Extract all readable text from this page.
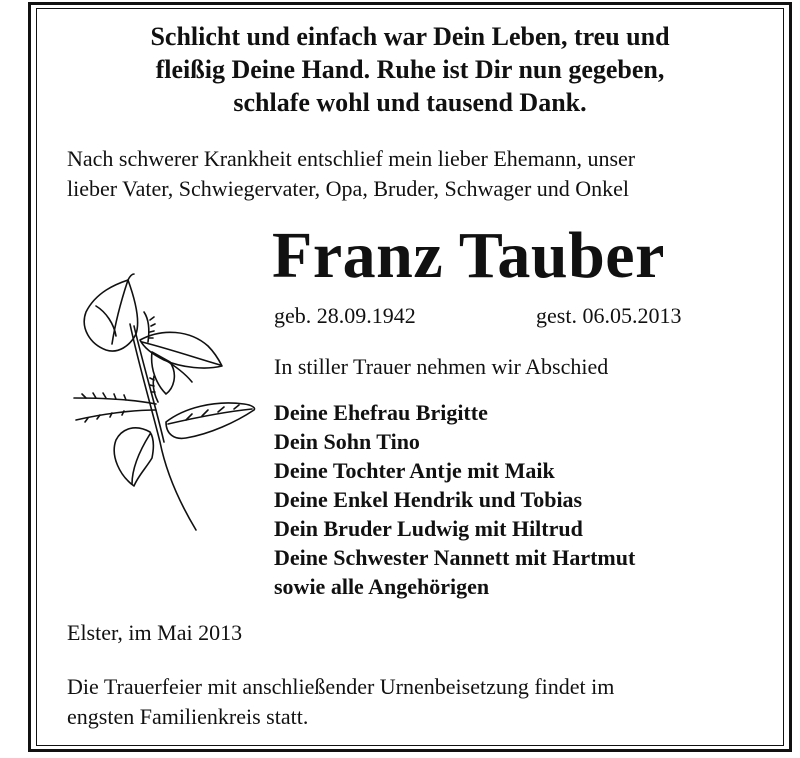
Schlicht und einfach war Dein Leben, treu und
fleißig Deine Hand. Ruhe ist Dir nun gegeben,
schlafe wohl und tausend Dank.
Nach schwerer Krankheit entschlief mein lieber Ehemann, unser
lieber Vater, Schwiegervater, Opa, Bruder, Schwager und Onkel
Franz Tauber
geb. 28.09.1942	gest. 06.05.2013
In stiller Trauer nehmen wir Abschied
Deine Ehefrau Brigitte
Dein Sohn Tino
Deine Tochter Antje mit Maik
Deine Enkel Hendrik und Tobias
Dein Bruder Ludwig mit Hiltrud
Deine Schwester Nannett mit Hartmut
sowie alle Angehörigen
Elster, im Mai 2013
Die Trauerfeier mit anschließender Urnenbeisetzung findet im
engsten Familienkreis statt.
